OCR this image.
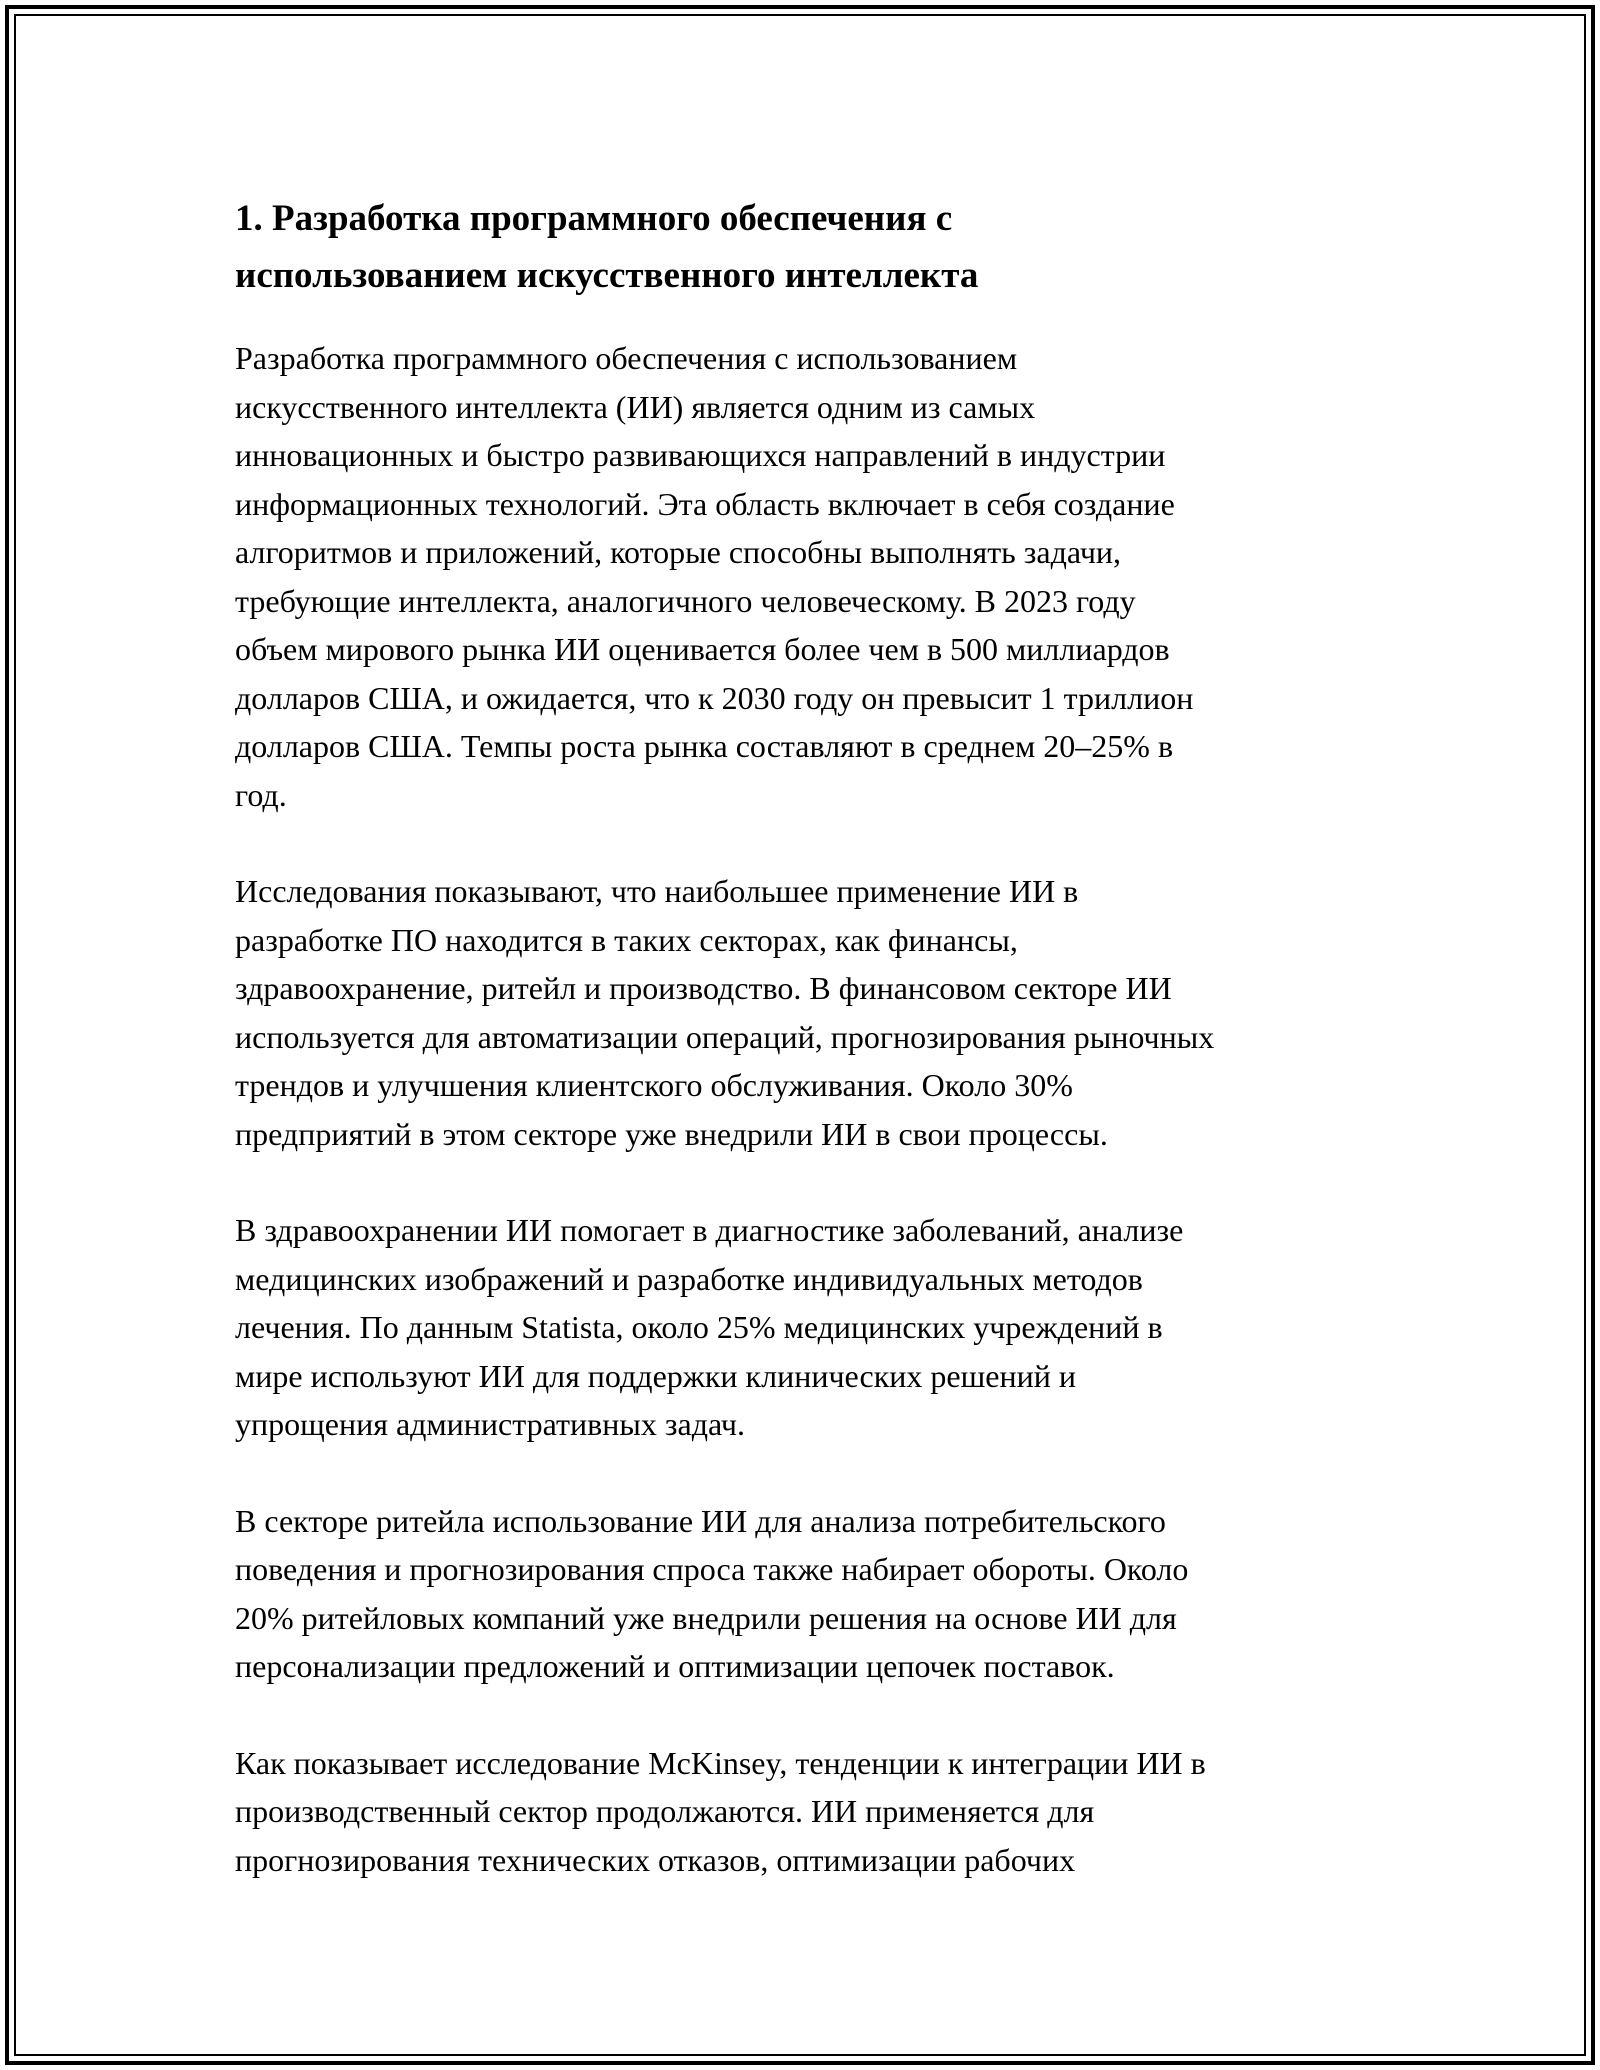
1. Разработка программного обеспечения с
использованием искусственного интеллекта

Разработка программного обеспечения с использованием
искусственного интеллекта (ИИ) является одним из самых
инновационных и быстро развивающихся направлений в индустрии
информационных технологий. Эта область включает в себя создание
алгоритмов и приложений, которые способны выполнять задачи,
требующие интеллекта, аналогичного человеческому. В 2023 году
объем мирового рынка ИИ оценивается более чем в 500 миллиардов
долларов США, и ожидается, что к 2030 году он превысит 1 триллион
долларов США. Темпы роста рынка составляют в среднем 20–25% в
год.

Исследования показывают, что наибольшее применение ИИ в
разработке ПО находится в таких секторах, как финансы,
здравоохранение, ритейл и производство. В финансовом секторе ИИ
используется для автоматизации операций, прогнозирования рыночных
трендов и улучшения клиентского обслуживания. Около 30%
предприятий в этом секторе уже внедрили ИИ в свои процессы.

В здравоохранении ИИ помогает в диагностике заболеваний, анализе
медицинских изображений и разработке индивидуальных методов
лечения. По данным Statista, около 25% медицинских учреждений в
мире используют ИИ для поддержки клинических решений и
упрощения административных задач.

В секторе ритейла использование ИИ для анализа потребительского
поведения и прогнозирования спроса также набирает обороты. Около
20% ритейловых компаний уже внедрили решения на основе ИИ для
персонализации предложений и оптимизации цепочек поставок.

Как показывает исследование McKinsey, тенденции к интеграции ИИ в
производственный сектор продолжаются. ИИ применяется для
прогнозирования технических отказов, оптимизации рабочих
